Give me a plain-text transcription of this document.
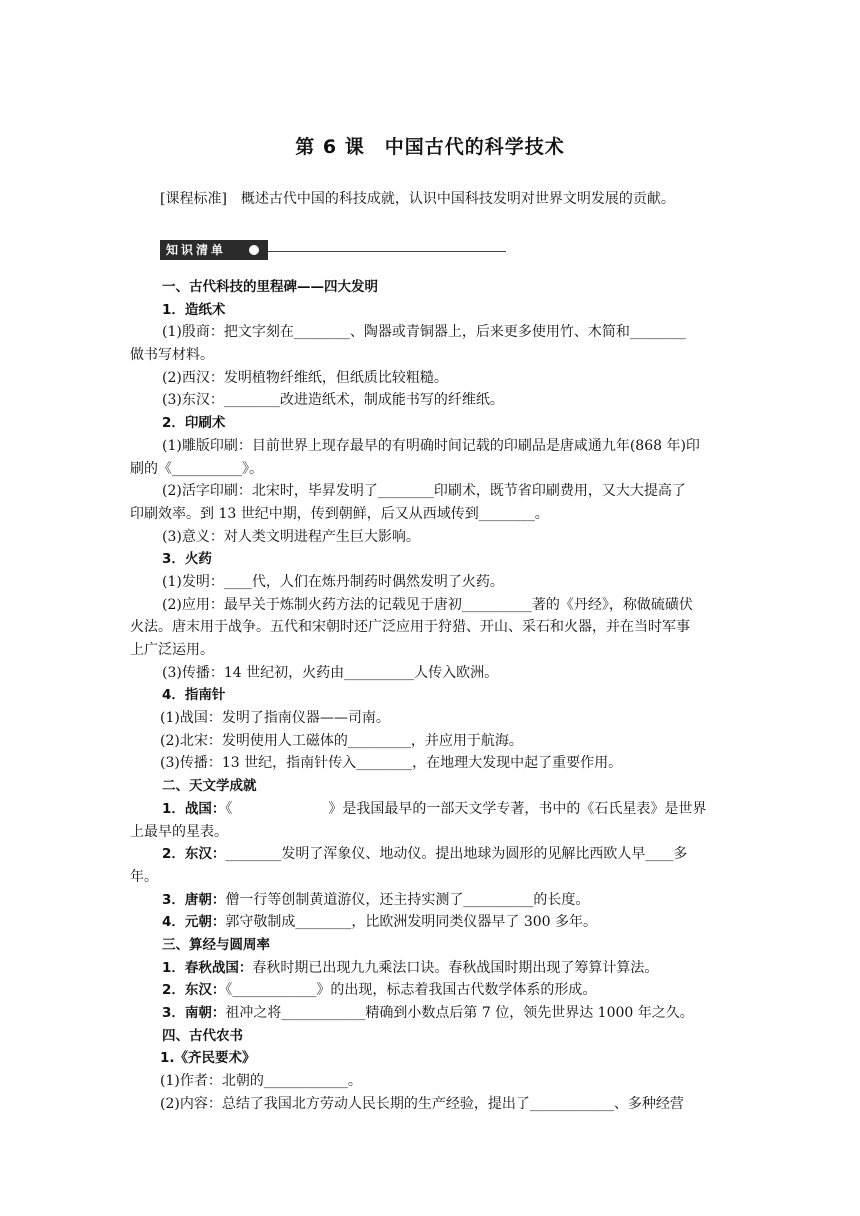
第 6 课　中国古代的科学技术
[课程标准]　概述古代中国的科技成就，认识中国科技发明对世界文明发展的贡献。
知识清单
一、古代科技的里程碑——四大发明
1．造纸术
(1)殷商：把文字刻在________、陶器或青铜器上，后来更多使用竹、木简和________
做书写材料。
(2)西汉：发明植物纤维纸，但纸质比较粗糙。
(3)东汉：________改进造纸术，制成能书写的纤维纸。
2．印刷术
(1)雕版印刷：目前世界上现存最早的有明确时间记载的印刷品是唐咸通九年(868 年)印
刷的《__________》。
(2)活字印刷：北宋时，毕昇发明了________印刷术，既节省印刷费用，又大大提高了
印刷效率。到 13 世纪中期，传到朝鲜，后又从西域传到________。
(3)意义：对人类文明进程产生巨大影响。
3．火药
(1)发明：____代，人们在炼丹制药时偶然发明了火药。
(2)应用：最早关于炼制火药方法的记载见于唐初__________著的《丹经》，称做硫磺伏
火法。唐末用于战争。五代和宋朝时还广泛应用于狩猎、开山、采石和火器，并在当时军事
上广泛运用。
(3)传播：14 世纪初，火药由__________人传入欧洲。
4．指南针
(1)战国：发明了指南仪器——司南。
(2)北宋：发明使用人工磁体的_________，并应用于航海。
(3)传播：13 世纪，指南针传入________，在地理大发现中起了重要作用。
二、天文学成就
1．战国：《	》是我国最早的一部天文学专著，书中的《石氏星表》是世界
上最早的星表。
2．东汉：________发明了浑象仪、地动仪。提出地球为圆形的见解比西欧人早____多
年。
3．唐朝：僧一行等创制黄道游仪，还主持实测了__________的长度。
4．元朝：郭守敬制成________，比欧洲发明同类仪器早了 300 多年。
三、算经与圆周率
1．春秋战国：春秋时期已出现九九乘法口诀。春秋战国时期出现了筹算计算法。
2．东汉：《____________》的出现，标志着我国古代数学体系的形成。
3．南朝：祖冲之将____________精确到小数点后第 7 位，领先世界达 1000 年之久。
四、古代农书
1.《齐民要术》
(1)作者：北朝的____________。
(2)内容：总结了我国北方劳动人民长期的生产经验，提出了____________、多种经营
